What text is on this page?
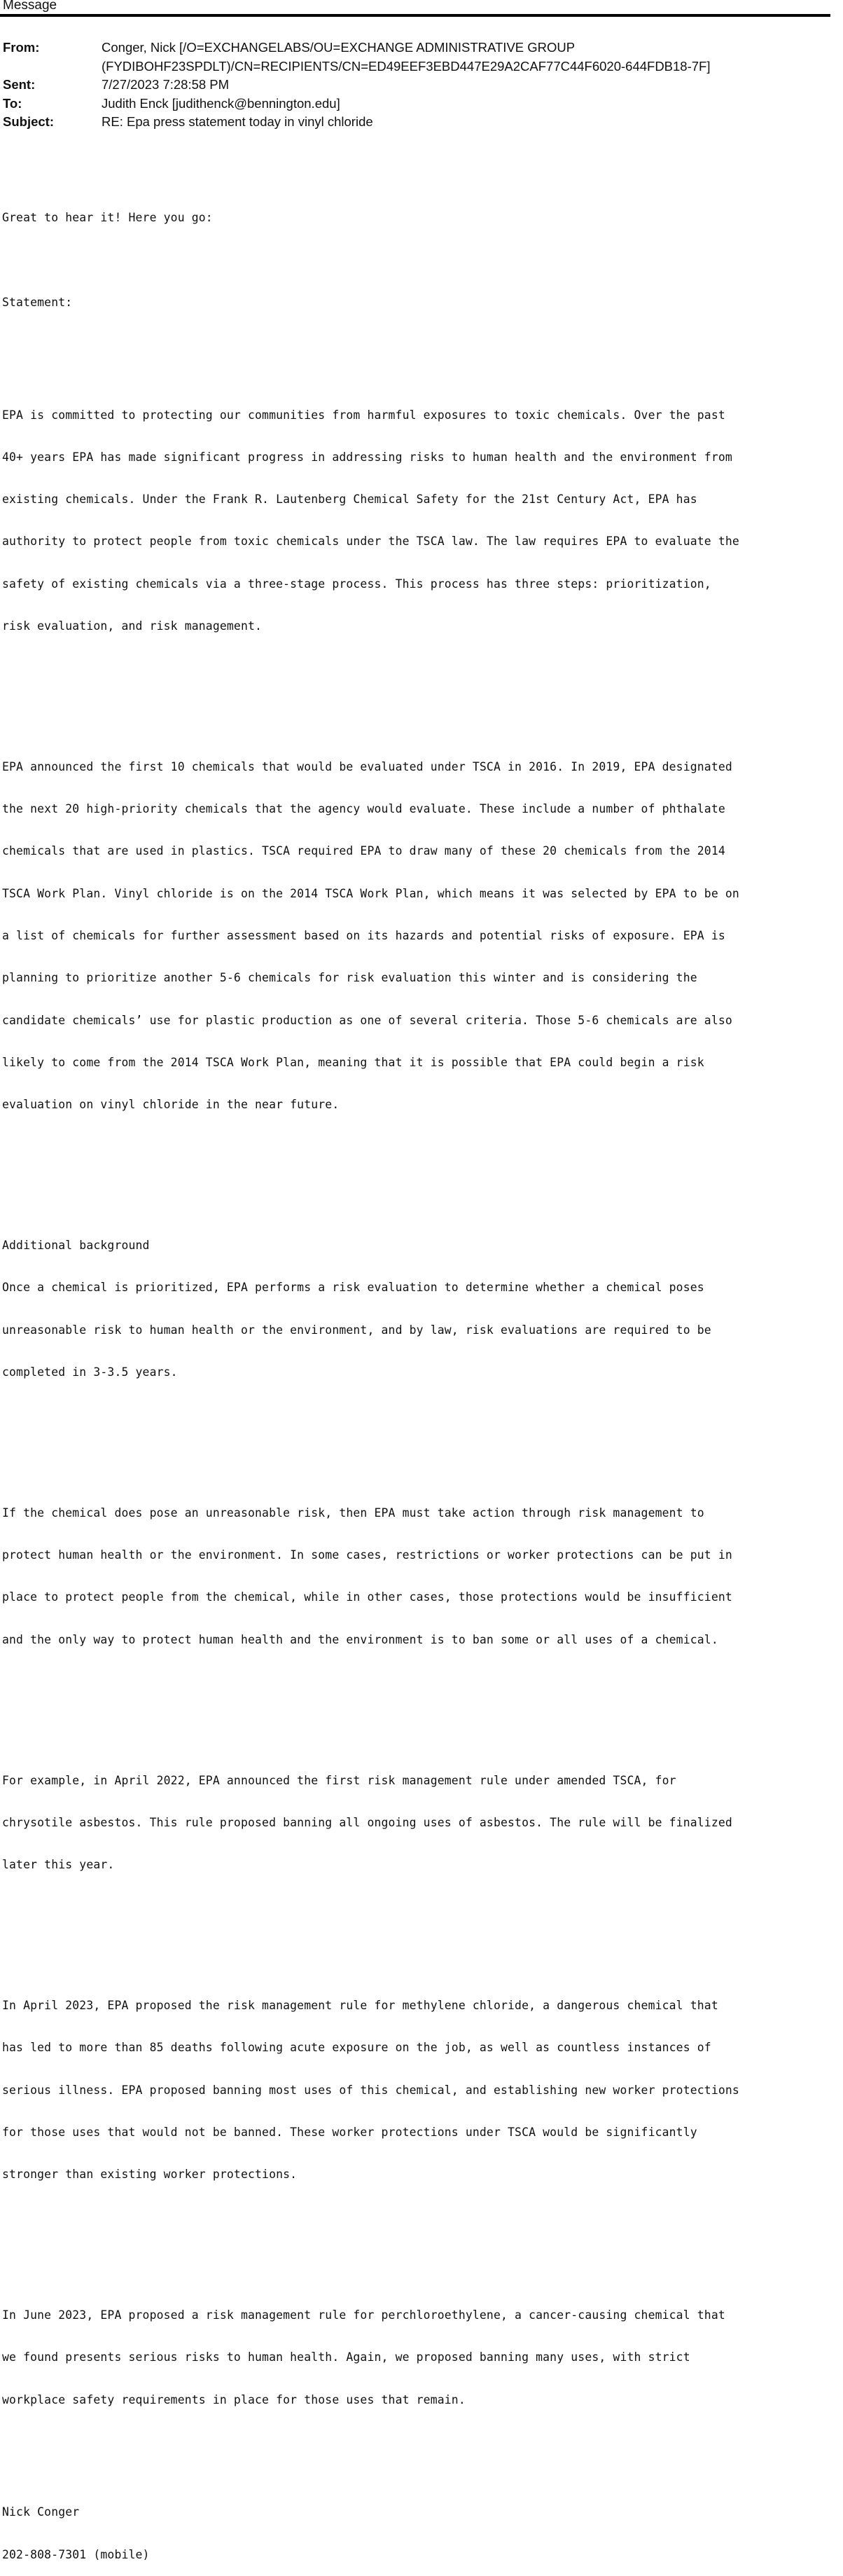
Message
From:	Conger, Nick [/O=EXCHANGELABS/OU=EXCHANGE ADMINISTRATIVE GROUP
(FYDIBOHF23SPDLT)/CN=RECIPIENTS/CN=ED49EEF3EBD447E29A2CAF77C44F6020-644FDB18-7F]
Sent:	7/27/2023 7:28:58 PM
To:	Judith Enck [judithenck@bennington.edu]
Subject:	RE: Epa press statement today in vinyl chloride

Great to hear it! Here you go:

Statement:

EPA is committed to protecting our communities from harmful exposures to toxic chemicals. Over the past

40+ years EPA has made significant progress in addressing risks to human health and the environment from

existing chemicals. Under the Frank R. Lautenberg Chemical Safety for the 21st Century Act, EPA has

authority to protect people from toxic chemicals under the TSCA law. The law requires EPA to evaluate the

safety of existing chemicals via a three-stage process. This process has three steps: prioritization,

risk evaluation, and risk management.

EPA announced the first 10 chemicals that would be evaluated under TSCA in 2016. In 2019, EPA designated

the next 20 high-priority chemicals that the agency would evaluate. These include a number of phthalate

chemicals that are used in plastics. TSCA required EPA to draw many of these 20 chemicals from the 2014

TSCA Work Plan. Vinyl chloride is on the 2014 TSCA Work Plan, which means it was selected by EPA to be on

a list of chemicals for further assessment based on its hazards and potential risks of exposure. EPA is

planning to prioritize another 5-6 chemicals for risk evaluation this winter and is considering the

candidate chemicals’ use for plastic production as one of several criteria. Those 5-6 chemicals are also

likely to come from the 2014 TSCA Work Plan, meaning that it is possible that EPA could begin a risk

evaluation on vinyl chloride in the near future.

Additional background

Once a chemical is prioritized, EPA performs a risk evaluation to determine whether a chemical poses

unreasonable risk to human health or the environment, and by law, risk evaluations are required to be

completed in 3-3.5 years.

If the chemical does pose an unreasonable risk, then EPA must take action through risk management to

protect human health or the environment. In some cases, restrictions or worker protections can be put in

place to protect people from the chemical, while in other cases, those protections would be insufficient

and the only way to protect human health and the environment is to ban some or all uses of a chemical.

For example, in April 2022, EPA announced the first risk management rule under amended TSCA, for

chrysotile asbestos. This rule proposed banning all ongoing uses of asbestos. The rule will be finalized

later this year.

In April 2023, EPA proposed the risk management rule for methylene chloride, a dangerous chemical that

has led to more than 85 deaths following acute exposure on the job, as well as countless instances of

serious illness. EPA proposed banning most uses of this chemical, and establishing new worker protections

for those uses that would not be banned. These worker protections under TSCA would be significantly

stronger than existing worker protections.

In June 2023, EPA proposed a risk management rule for perchloroethylene, a cancer-causing chemical that

we found presents serious risks to human health. Again, we proposed banning many uses, with strict

workplace safety requirements in place for those uses that remain.

Nick Conger

202-808-7301 (mobile)
